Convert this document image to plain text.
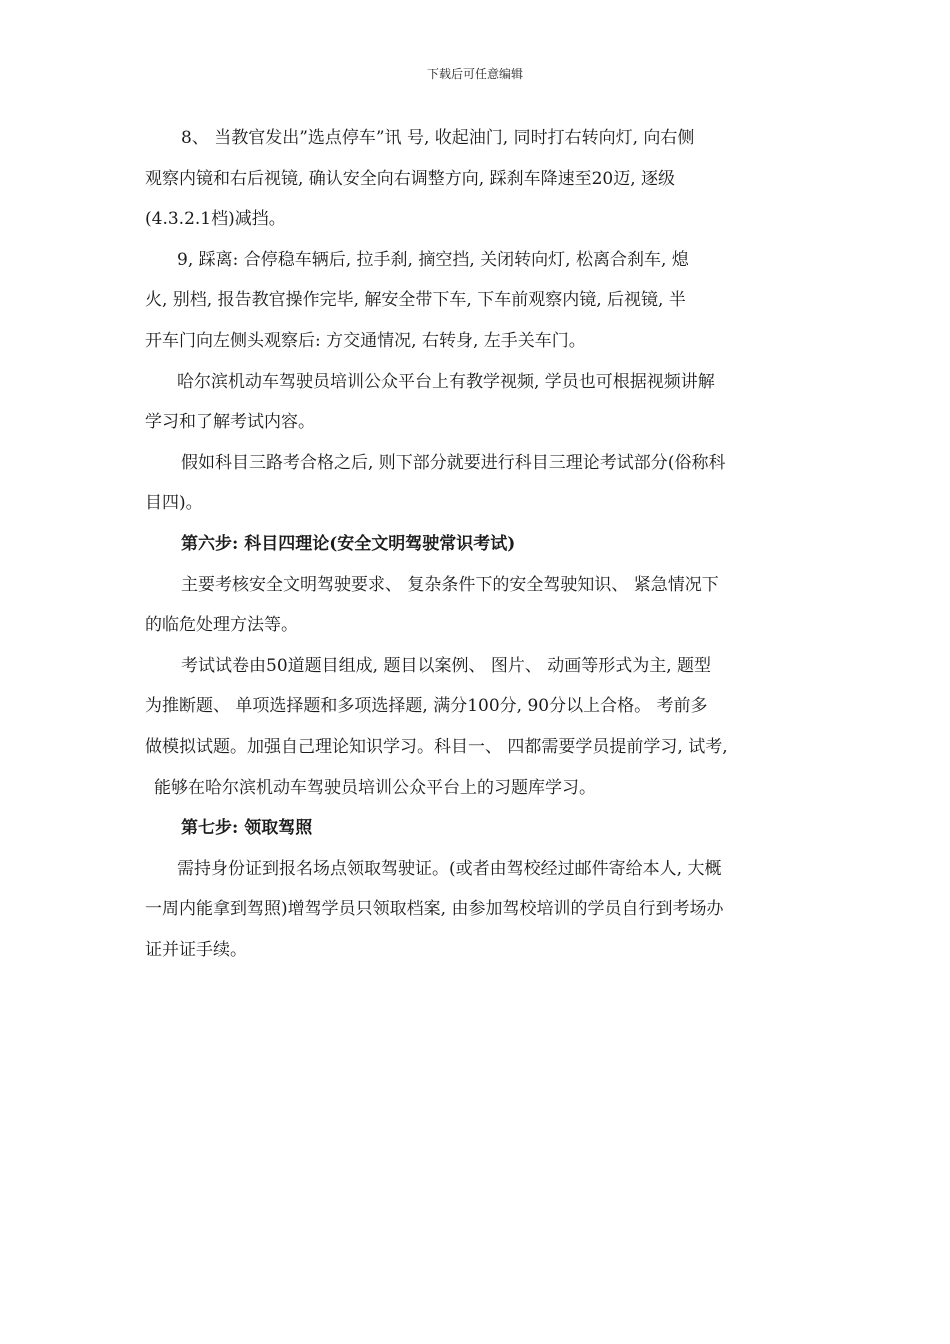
下载后可任意编辑
8、 当教官发出”选点停车”讯 号, 收起油门, 同时打右转向灯, 向右侧
观察内镜和右后视镜, 确认安全向右调整方向, 踩刹车降速至20迈, 逐级
(4.3.2.1档)减挡。
9, 踩离: 合停稳车辆后, 拉手刹, 摘空挡, 关闭转向灯, 松离合刹车, 熄
火, 别档, 报告教官操作完毕, 解安全带下车, 下车前观察内镜, 后视镜, 半
开车门向左侧头观察后: 方交通情况, 右转身, 左手关车门。
哈尔滨机动车驾驶员培训公众平台上有教学视频, 学员也可根据视频讲解
学习和了解考试内容。
假如科目三路考合格之后, 则下部分就要进行科目三理论考试部分(俗称科
目四)。
第六步: 科目四理论(安全文明驾驶常识考试)
主要考核安全文明驾驶要求、 复杂条件下的安全驾驶知识、 紧急情况下
的临危处理方法等。
考试试卷由50道题目组成, 题目以案例、 图片、 动画等形式为主, 题型
为推断题、 单项选择题和多项选择题, 满分100分, 90分以上合格。 考前多
做模拟试题。加强自己理论知识学习。科目一、 四都需要学员提前学习, 试考,
能够在哈尔滨机动车驾驶员培训公众平台上的习题库学习。
第七步: 领取驾照
需持身份证到报名场点领取驾驶证。(或者由驾校经过邮件寄给本人, 大概
一周内能拿到驾照)增驾学员只领取档案, 由参加驾校培训的学员自行到考场办
证并证手续。
